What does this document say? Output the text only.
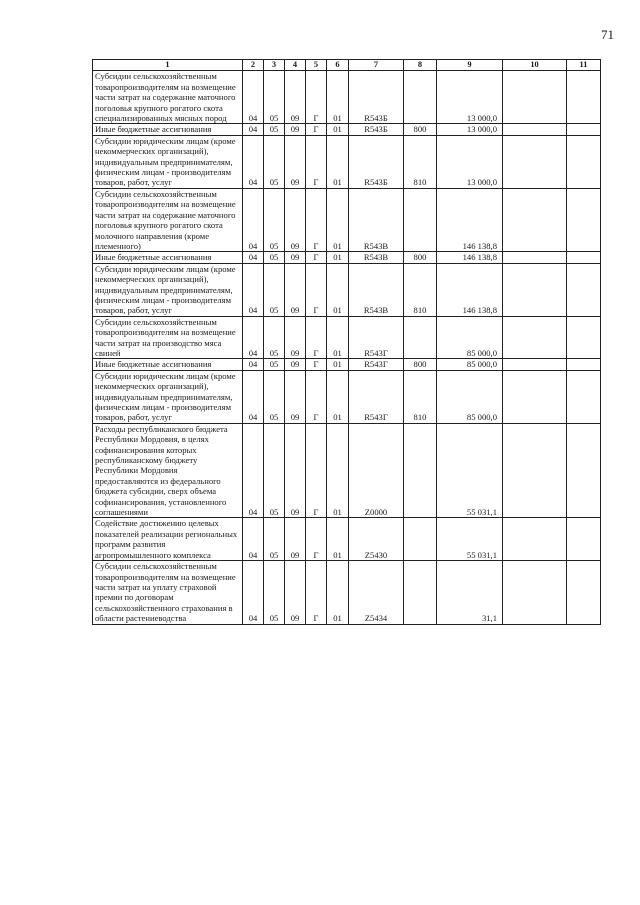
71
1	2	3	4	5	6	7	8	9	10	11
Субсидии сельскохозяйственным товаропроизводителям на возмещение части затрат на содержание маточного поголовья крупного рогатого скота специализированных мясных пород	04	05	09	Г	01	R543Б		13 000,0		
Иные бюджетные ассигнования	04	05	09	Г	01	R543Б	800	13 000,0		
Субсидии юридическим лицам (кроме некоммерческих организаций), индивидуальным предпринимателям, физическим лицам - производителям товаров, работ, услуг	04	05	09	Г	01	R543Б	810	13 000,0		
Субсидии сельскохозяйственным товаропроизводителям на возмещение части затрат на содержание маточного поголовья крупного рогатого скота молочного направления (кроме племенного)	04	05	09	Г	01	R543В		146 138,8		
Иные бюджетные ассигнования	04	05	09	Г	01	R543В	800	146 138,8		
Субсидии юридическим лицам (кроме некоммерческих организаций), индивидуальным предпринимателям, физическим лицам - производителям товаров, работ, услуг	04	05	09	Г	01	R543В	810	146 138,8		
Субсидии сельскохозяйственным товаропроизводителям на возмещение части затрат на производство мяса свиней	04	05	09	Г	01	R543Г		85 000,0		
Иные бюджетные ассигнования	04	05	09	Г	01	R543Г	800	85 000,0		
Субсидии юридическим лицам (кроме некоммерческих организаций), индивидуальным предпринимателям, физическим лицам - производителям товаров, работ, услуг	04	05	09	Г	01	R543Г	810	85 000,0		
Расходы республиканского бюджета Республики Мордовия, в целях софинансирования которых республиканскому бюджету Республики Мордовия предоставляются из федерального бюджета субсидии, сверх объема софинансирования, установленного соглашениями	04	05	09	Г	01	Z0000		55 031,1		
Содействие достижению целевых показателей реализации региональных программ развития агропромышленного комплекса	04	05	09	Г	01	Z5430		55 031,1		
Субсидии сельскохозяйственным товаропроизводителям на возмещение части затрат на уплату страховой премии по договорам сельскохозяйственного страхования в области растениеводства	04	05	09	Г	01	Z5434		31,1		
